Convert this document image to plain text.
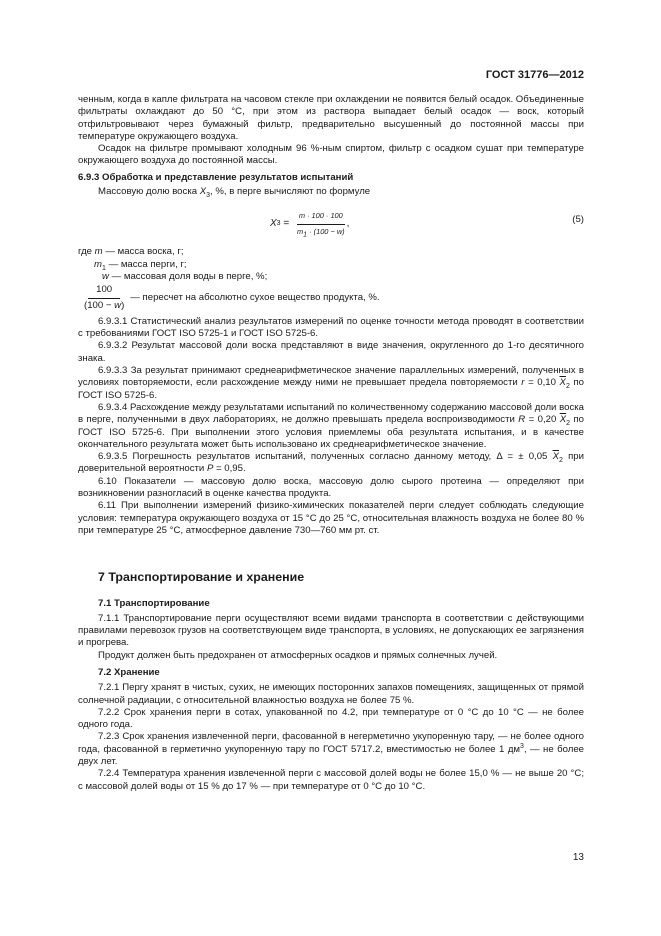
ГОСТ 31776—2012

ченным, когда в капле фильтрата на часовом стекле при охлаждении не появится белый осадок. Объединенные фильтраты охлаждают до 50 °С, при этом из раствора выпадает белый осадок — воск, который отфильтровывают через бумажный фильтр, предварительно высушенный до постоянной массы при температуре окружающего воздуха.

Осадок на фильтре промывают холодным 96 %-ным спиртом, фильтр с осадком сушат при температуре окружающего воздуха до постоянной массы.

6.9.3 Обработка и представление результатов испытаний

Массовую долю воска $X_3$, %, в перге вычисляют по формуле

X $3 = \frac{m \cdot 100 \cdot 100}{m_1 \cdot (100 - w)}$ ,	(5)

где m — масса воска, г;

$m_1$ — масса перги, г;

w — массовая доля воды в перге, %;

$\frac{100}{(100 - w)}$ — пересчет на абсолютно сухое вещество продукта, %.

6.9.3.1 Статистический анализ результатов измерений по оценке точности метода проводят в соответствии с требованиями ГОСТ ISO 5725-1 и ГОСТ ISO 5725-6.

6.9.3.2 Результат массовой доли воска представляют в виде значения, округленного до 1-го десятичного знака.

6.9.3.3 За результат принимают среднеарифметическое значение параллельных измерений, полученных в условиях повторяемости, если расхождение между ними не превышает предела повторяемости r = 0,10 $\overline{X}_2$ по ГОСТ ISO 5725-6.

6.9.3.4 Расхождение между результатами испытаний по количественному содержанию массовой доли воска в перге, полученными в двух лабораториях, не должно превышать предела воспроизводимости R = 0,20 $\overline{X}_2$ по ГОСТ ISO 5725-6. При выполнении этого условия приемлемы оба результата испытания, и в качестве окончательного результата может быть использовано их среднеарифметическое значение.

6.9.3.5 Погрешность результатов испытаний, полученных согласно данному методу, Δ = ± 0,05 $\overline{X}_2$ при доверительной вероятности P = 0,95.

6.10 Показатели — массовую долю воска, массовую долю сырого протеина — определяют при возникновении разногласий в оценке качества продукта.

6.11 При выполнении измерений физико-химических показателей перги следует соблюдать следующие условия: температура окружающего воздуха от 15 °С до 25 °С, относительная влажность воздуха не более 80 % при температуре 25 °С, атмосферное давление 730—760 мм рт. ст.

7 Транспортирование и хранение

7.1 Транспортирование

7.1.1 Транспортирование перги осуществляют всеми видами транспорта в соответствии с действующими правилами перевозок грузов на соответствующем виде транспорта, в условиях, не допускающих ее загрязнения и прогрева.

Продукт должен быть предохранен от атмосферных осадков и прямых солнечных лучей.

7.2 Хранение

7.2.1 Пергу хранят в чистых, сухих, не имеющих посторонних запахов помещениях, защищенных от прямой солнечной радиации, с относительной влажностью воздуха не более 75 %.

7.2.2 Срок хранения перги в сотах, упакованной по 4.2, при температуре от 0 °С до 10 °С — не более одного года.

7.2.3 Срок хранения извлеченной перги, фасованной в негерметично укупоренную тару, — не более одного года, фасованной в герметично укупоренную тару по ГОСТ 5717.2, вместимостью не более 1 $дм^3$, — не более двух лет.

7.2.4 Температура хранения извлеченной перги с массовой долей воды не более 15,0 % — не выше 20 °С; с массовой долей воды от 15 % до 17 % — при температуре от 0 °С до 10 °С.

13
